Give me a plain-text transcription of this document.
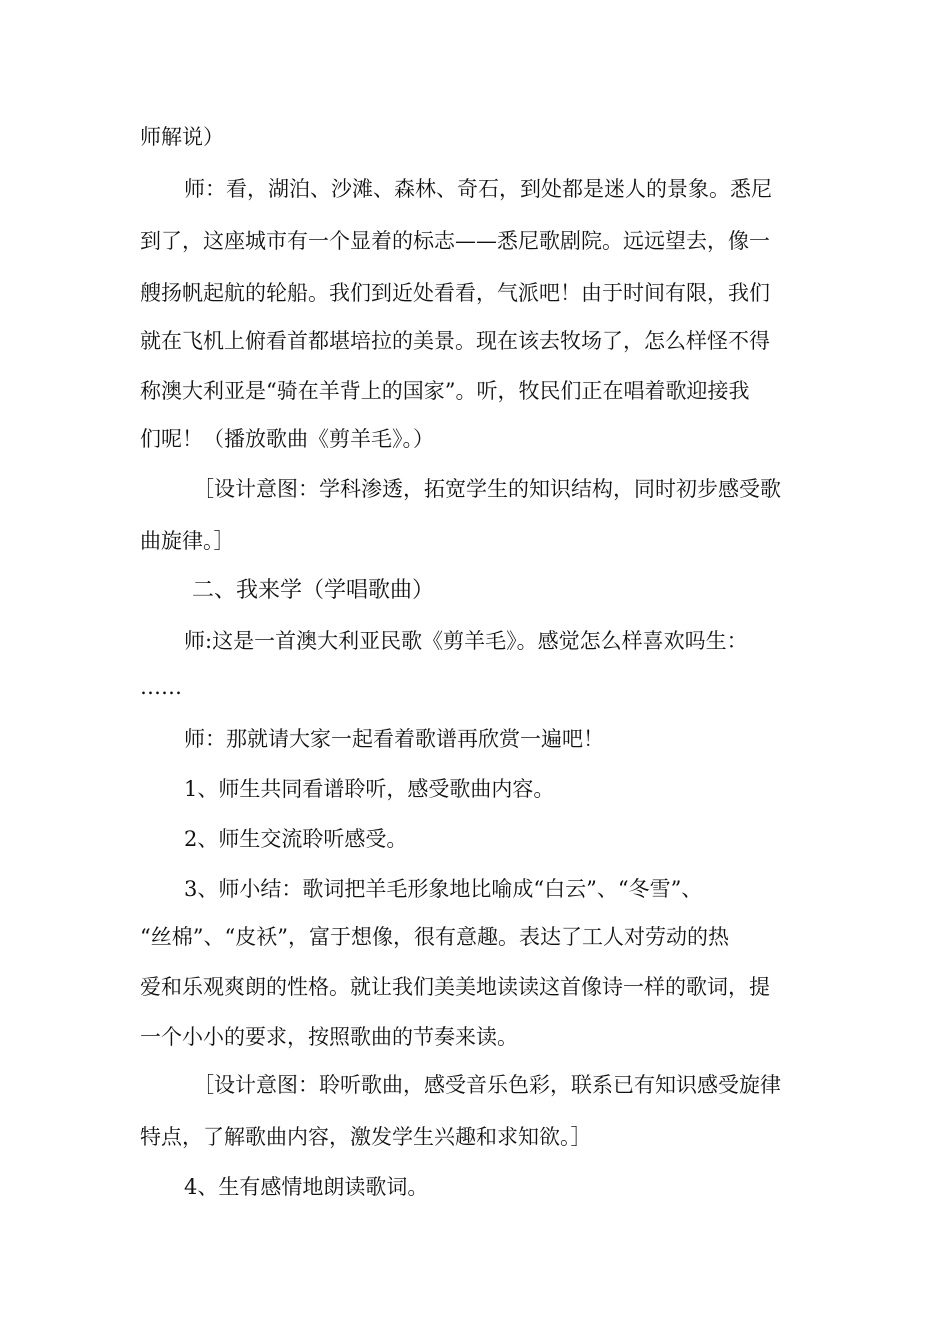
师解说）
师：看，湖泊、沙滩、森林、奇石，到处都是迷人的景象。悉尼
到了，这座城市有一个显着的标志——悉尼歌剧院。远远望去，像一
艘扬帆起航的轮船。我们到近处看看，气派吧！由于时间有限，我们
就在飞机上俯看首都堪培拉的美景。现在该去牧场了，怎么样怪不得
称澳大利亚是“骑在羊背上的国家”。听，牧民们正在唱着歌迎接我
们呢！（播放歌曲《剪羊毛》。）
［设计意图：学科渗透，拓宽学生的知识结构，同时初步感受歌
曲旋律。］
二、我来学（学唱歌曲）
师:这是一首澳大利亚民歌《剪羊毛》。感觉怎么样喜欢吗生：
……
师：那就请大家一起看着歌谱再欣赏一遍吧！
1、师生共同看谱聆听，感受歌曲内容。
2、师生交流聆听感受。
3、师小结：歌词把羊毛形象地比喻成“白云”、“冬雪”、
“丝棉”、“皮袄”，富于想像，很有意趣。表达了工人对劳动的热
爱和乐观爽朗的性格。就让我们美美地读读这首像诗一样的歌词，提
一个小小的要求，按照歌曲的节奏来读。
［设计意图：聆听歌曲，感受音乐色彩，联系已有知识感受旋律
特点，了解歌曲内容，激发学生兴趣和求知欲。］
4、生有感情地朗读歌词。
